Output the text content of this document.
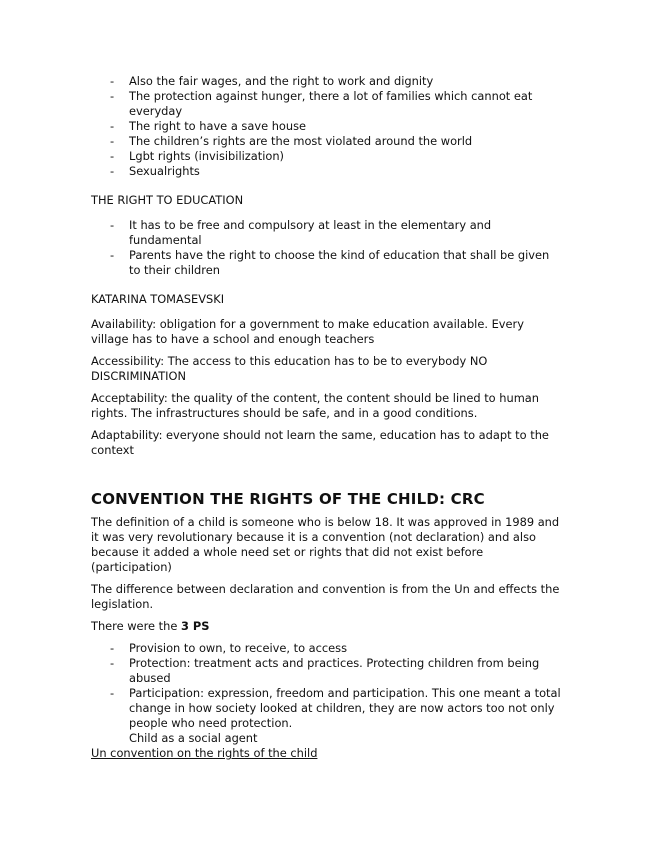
- Also the fair wages, and the right to work and dignity
- The protection against hunger, there a lot of families which cannot eat everyday
- The right to have a save house
- The children’s rights are the most violated around the world
- Lgbt rights (invisibilization)
- Sexualrights
THE RIGHT TO EDUCATION
- It has to be free and compulsory at least in the elementary and fundamental
- Parents have the right to choose the kind of education that shall be given to their children
KATARINA TOMASEVSKI
Availability: obligation for a government to make education available. Every village has to have a school and enough teachers
Accessibility: The access to this education has to be to everybody NO DISCRIMINATION
Acceptability: the quality of the content, the content should be lined to human rights. The infrastructures should be safe, and in a good conditions.
Adaptability: everyone should not learn the same, education has to adapt to the context
CONVENTION THE RIGHTS OF THE CHILD: CRC
The definition of a child is someone who is below 18. It was approved in 1989 and it was very revolutionary because it is a convention (not declaration) and also because it added a whole need set or rights that did not exist before (participation)
The difference between declaration and convention is from the Un and effects the legislation.
There were the 3 PS
- Provision to own, to receive, to access
- Protection: treatment acts and practices. Protecting children from being abused
- Participation: expression, freedom and participation. This one meant a total change in how society looked at children, they are now actors too not only people who need protection.
Child as a social agent
Un convention on the rights of the child
